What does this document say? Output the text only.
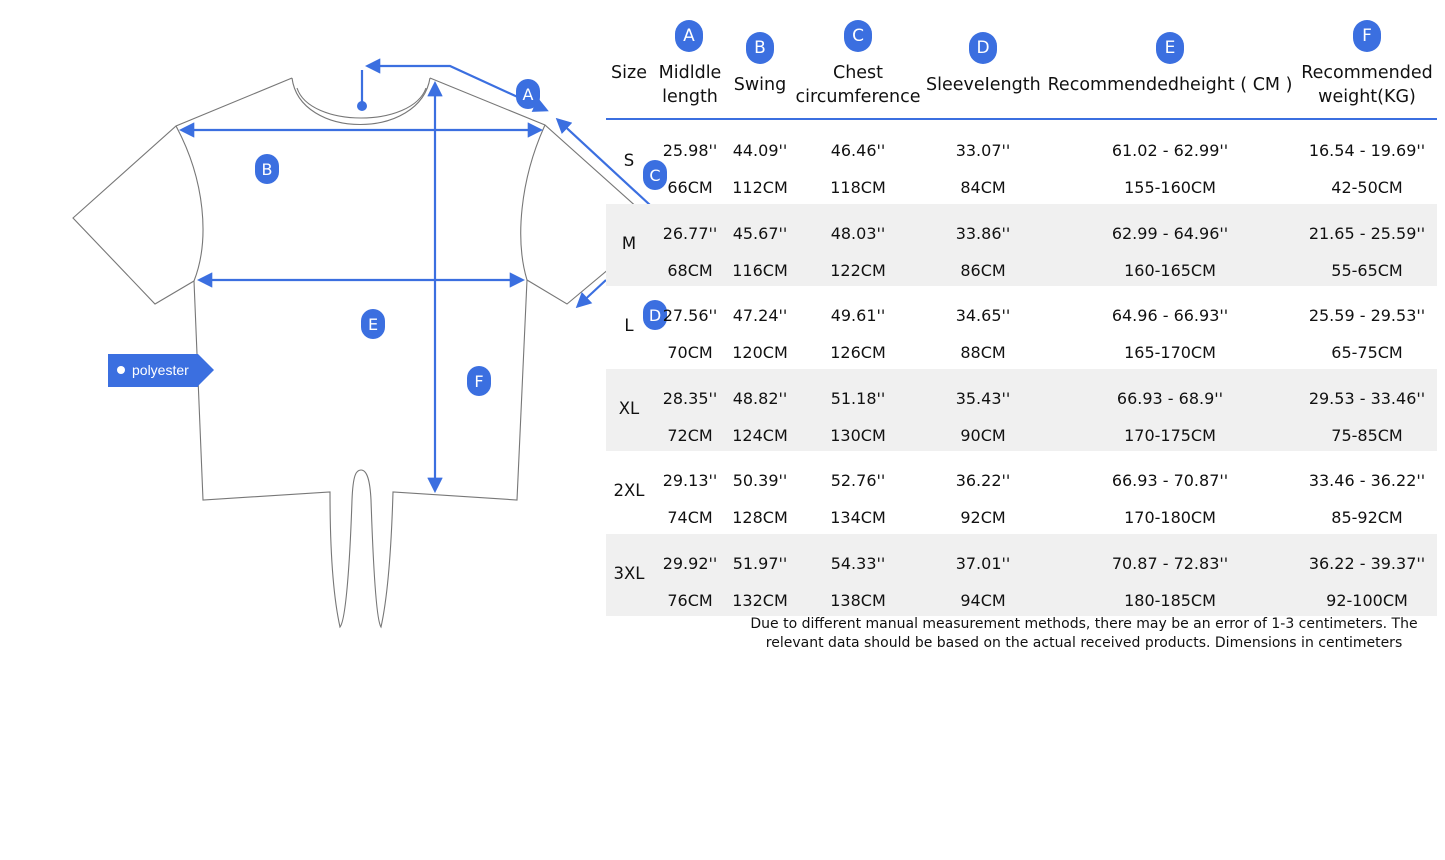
A
B	C
D
E
F
polyester
Size
A
Midldle length
B
Swing
C
Chest circumference
D
SleeveIength
E
Recommendedheight ( CM )
F
Recommended weight(KG)
S
25.98''
66CM
44.09''
112CM
46.46''
118CM
33.07''
84CM
61.02 - 62.99''
155-160CM
16.54 - 19.69''
42-50CM
M
26.77''
68CM
45.67''
116CM
48.03''
122CM
33.86''
86CM
62.99 - 64.96''
160-165CM
21.65 - 25.59''
55-65CM
L
27.56''
70CM
47.24''
120CM
49.61''
126CM
34.65''
88CM
64.96 - 66.93''
165-170CM
25.59 - 29.53''
65-75CM
XL
28.35''
72CM
48.82''
124CM
51.18''
130CM
35.43''
90CM
66.93 - 68.9''
170-175CM
29.53 - 33.46''
75-85CM
2XL
29.13''
74CM
50.39''
128CM
52.76''
134CM
36.22''
92CM
66.93 - 70.87''
170-180CM
33.46 - 36.22''
85-92CM
3XL
29.92''
76CM
51.97''
132CM
54.33''
138CM
37.01''
94CM
70.87 - 72.83''
180-185CM
36.22 - 39.37''
92-100CM
Due to different manual measurement methods, there may be an error of 1-3 centimeters. The relevant data should be based on the actual received products. Dimensions in centimeters
